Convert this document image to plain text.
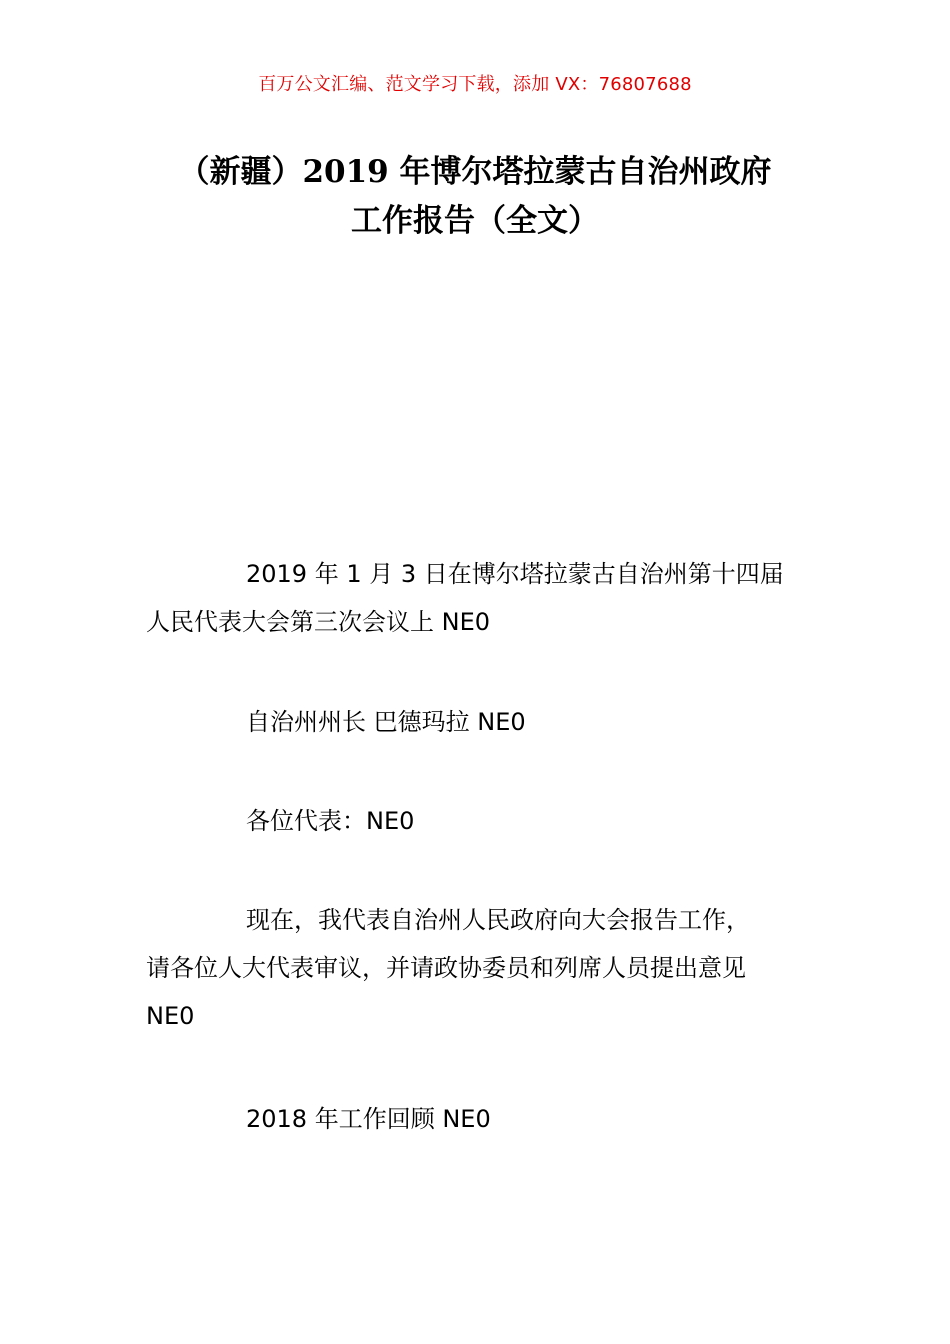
百万公文汇编、范文学习下载，添加 VX：76807688
（新疆）2019 年博尔塔拉蒙古自治州政府
工作报告（全文）
2019 年 1 月 3 日在博尔塔拉蒙古自治州第十四届
人民代表大会第三次会议上 NE0
自治州州长 巴德玛拉 NE0
各位代表：NE0
现在，我代表自治州人民政府向大会报告工作，
请各位人大代表审议，并请政协委员和列席人员提出意见
NE0
2018 年工作回顾 NE0
